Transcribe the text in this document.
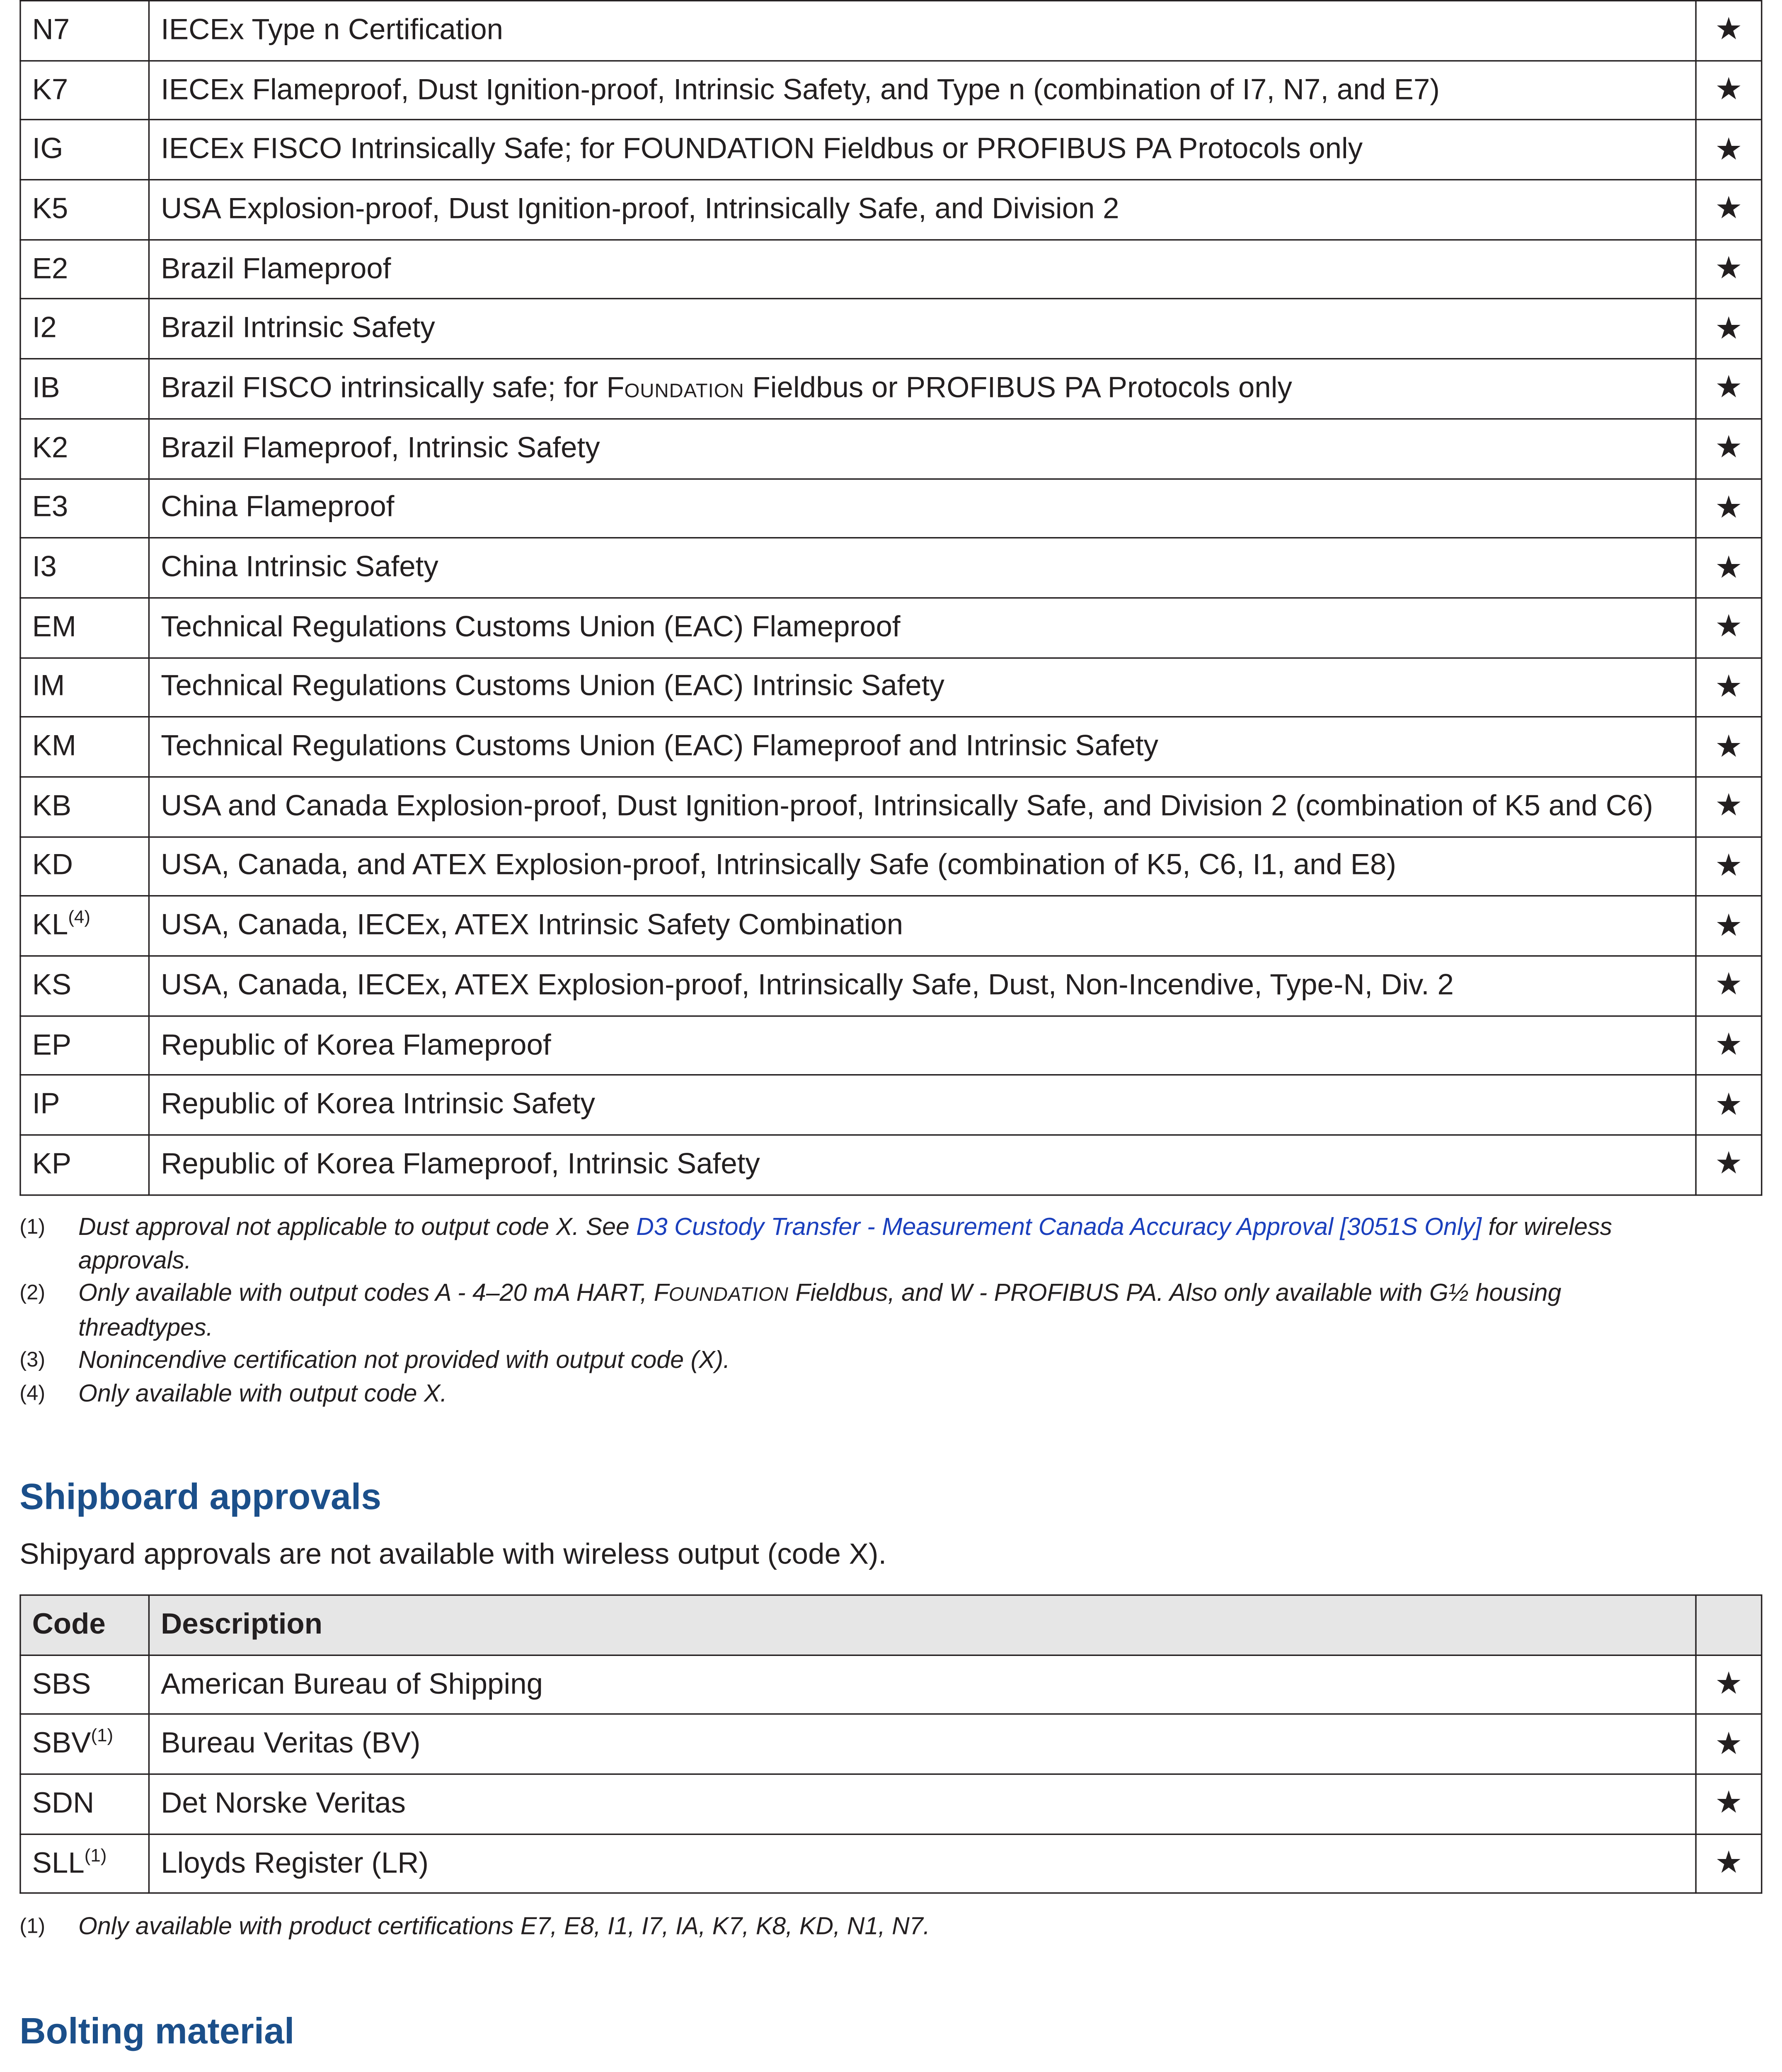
N7	IECEx Type n Certification	★
K7	IECEx Flameproof, Dust Ignition-proof, Intrinsic Safety, and Type n (combination of I7, N7, and E7)	★
IG	IECEx FISCO Intrinsically Safe; for FOUNDATION Fieldbus or PROFIBUS PA Protocols only	★
K5	USA Explosion-proof, Dust Ignition-proof, Intrinsically Safe, and Division 2	★
E2	Brazil Flameproof	★
I2	Brazil Intrinsic Safety	★
IB	Brazil FISCO intrinsically safe; for FOUNDATION Fieldbus or PROFIBUS PA Protocols only	★
K2	Brazil Flameproof, Intrinsic Safety	★
E3	China Flameproof	★
I3	China Intrinsic Safety	★
EM	Technical Regulations Customs Union (EAC) Flameproof	★
IM	Technical Regulations Customs Union (EAC) Intrinsic Safety	★
KM	Technical Regulations Customs Union (EAC) Flameproof and Intrinsic Safety	★
KB	USA and Canada Explosion-proof, Dust Ignition-proof, Intrinsically Safe, and Division 2 (combination of K5 and C6)	★
KD	USA, Canada, and ATEX Explosion-proof, Intrinsically Safe (combination of K5, C6, I1, and E8)	★
KL$^{(4)}$	USA, Canada, IECEx, ATEX Intrinsic Safety Combination	★
KS	USA, Canada, IECEx, ATEX Explosion-proof, Intrinsically Safe, Dust, Non-Incendive, Type-N, Div. 2	★
EP	Republic of Korea Flameproof	★
IP	Republic of Korea Intrinsic Safety	★
KP	Republic of Korea Flameproof, Intrinsic Safety	★
(1)	Dust approval not applicable to output code X. See D3 Custody Transfer - Measurement Canada Accuracy Approval [3051S Only] for wireless approvals.
(2)	Only available with output codes A - 4–20 mA HART, FOUNDATION Fieldbus, and W - PROFIBUS PA. Also only available with G½ housing threadtypes.
(3)	Nonincendive certification not provided with output code (X).
(4)	Only available with output code X.
Shipboard approvals

Shipyard approvals are not available with wireless output (code X).

Code	Description	
SBS	American Bureau of Shipping	★
SBV$^{(1)}$	Bureau Veritas (BV)	★
SDN	Det Norske Veritas	★
SLL$^{(1)}$	Lloyds Register (LR)	★
(1)	Only available with product certifications E7, E8, I1, I7, IA, K7, K8, KD, N1, N7.
Bolting material
